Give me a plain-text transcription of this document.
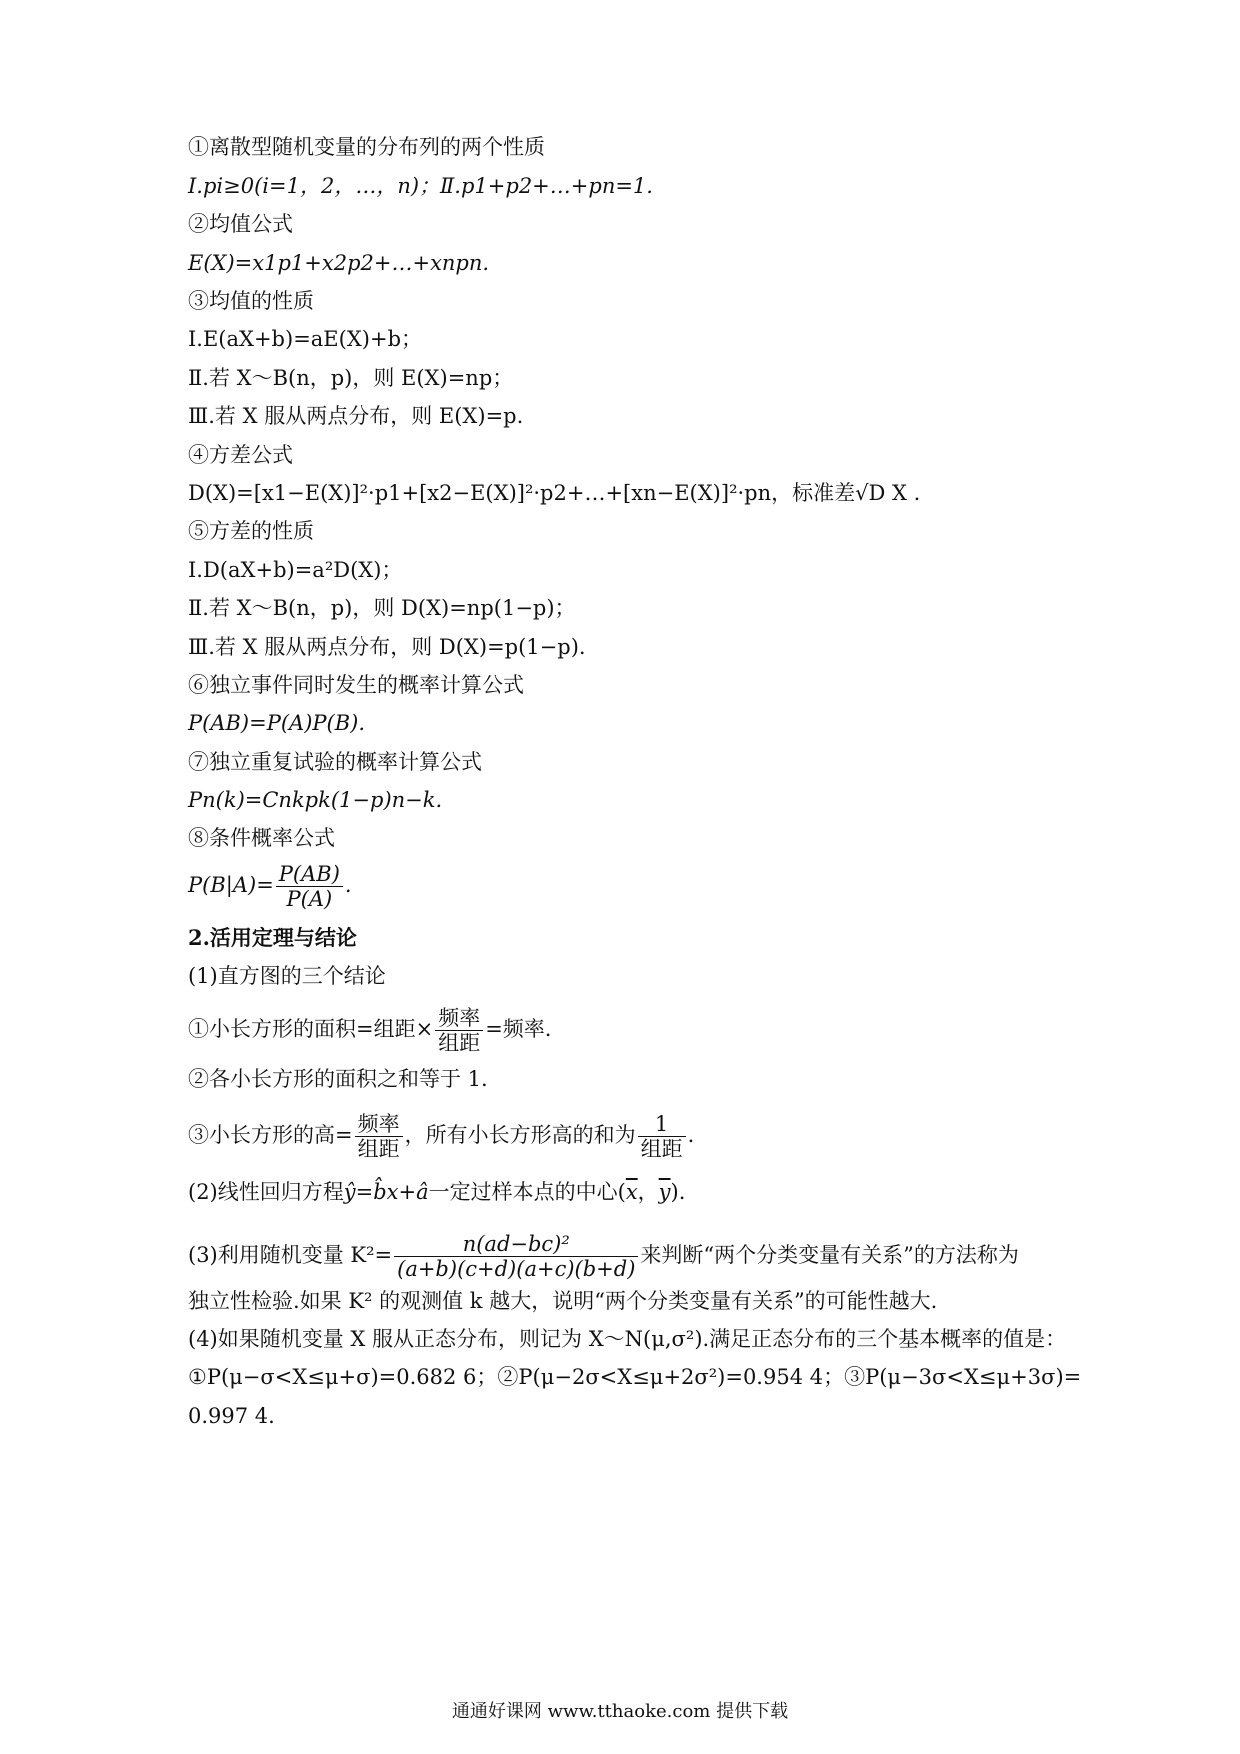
①离散型随机变量的分布列的两个性质
Ⅰ.pi≥0(i=1，2，…，n)；Ⅱ.p1+p2+…+pn=1.
②均值公式
E(X)=x1p1+x2p2+…+xnpn.
③均值的性质
Ⅰ.E(aX+b)=aE(X)+b；
Ⅱ.若 X～B(n，p)，则 E(X)=np；
Ⅲ.若 X 服从两点分布，则 E(X)=p.
④方差公式
D(X)=[x1−E(X)]²·p1+[x2−E(X)]²·p2+…+[xn−E(X)]²·pn，标准差√D X .
⑤方差的性质
Ⅰ.D(aX+b)=a²D(X)；
Ⅱ.若 X～B(n，p)，则 D(X)=np(1−p)；
Ⅲ.若 X 服从两点分布，则 D(X)=p(1−p).
⑥独立事件同时发生的概率计算公式
P(AB)=P(A)P(B).
⑦独立重复试验的概率计算公式
Pn(k)=Cnkpk(1−p)n−k.
⑧条件概率公式
$P(B|A)= \frac{P(AB)}{P(A)}$ .
2.活用定理与结论
(1)直方图的三个结论
①小长方形的面积=组距× $\frac{\text{频率}}{\text{组距}}$ =频率.
②各小长方形的面积之和等于 1.
③小长方形的高= $\frac{\text{频率}}{\text{组距}}$ ，所有小长方形高的和为 $\frac{1}{\text{组距}}$ .
(2)线性回归方程ŷ=b̂x+â一定过样本点的中心($\overline{x}$，$\overline{y}$).
(3)利用随机变量 $K^2= \frac{\text{n(ad−bc)²}}{(a+b)(c+d)(a+c)(b+d)}$ 来判断“两个分类变量有关系”的方法称为
独立性检验.如果 K² 的观测值 k 越大，说明“两个分类变量有关系”的可能性越大.
(4)如果随机变量 X 服从正态分布，则记为 X～N(μ,σ²).满足正态分布的三个基本概率的值是：
①P(μ−σ<X≤μ+σ)=0.682 6；②P(μ−2σ<X≤μ+2σ²)=0.954 4；③P(μ−3σ<X≤μ+3σ)=
0.997 4.
通通好课网 www.tthaoke.com 提供下载
